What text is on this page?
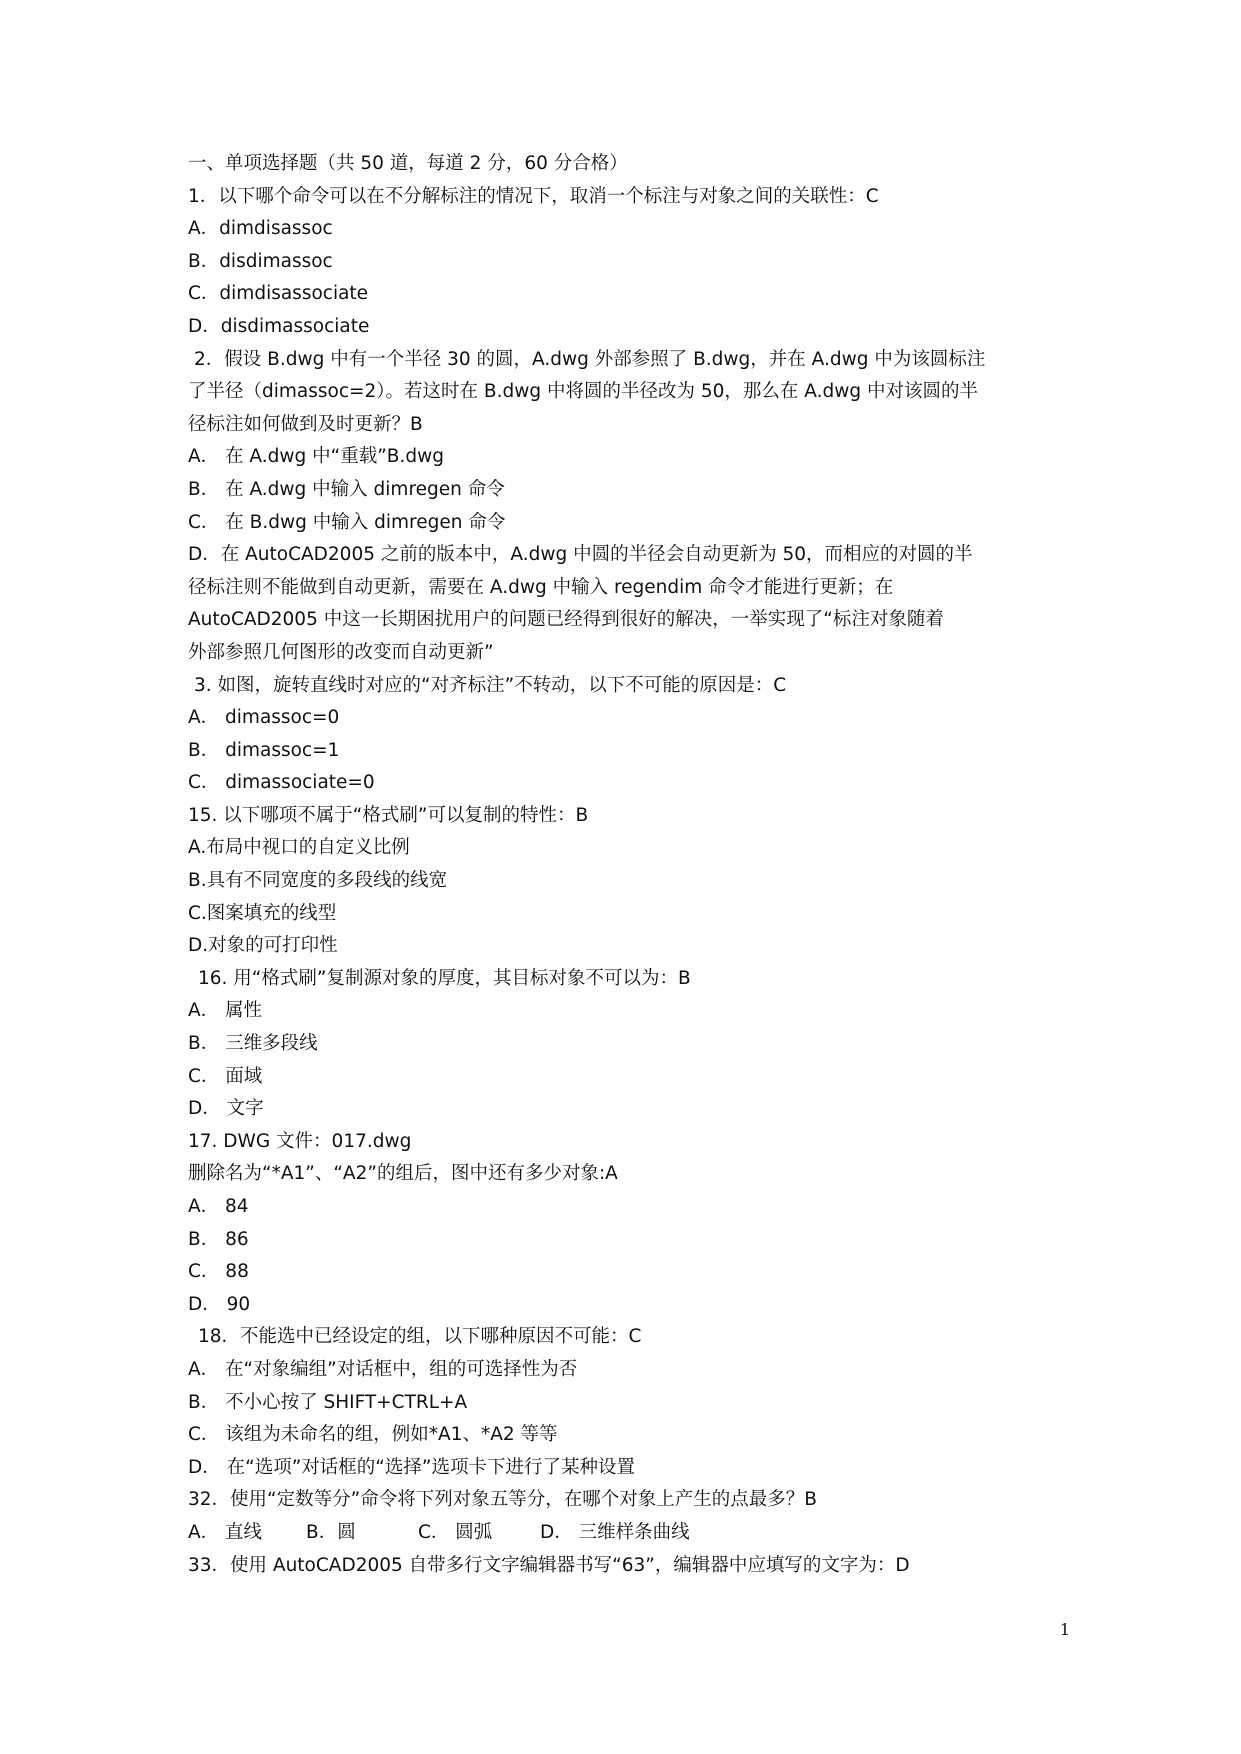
一、单项选择题（共 50 道，每道 2 分，60 分合格）
1．以下哪个命令可以在不分解标注的情况下，取消一个标注与对象之间的关联性：C
A．dimdisassoc
B．disdimassoc
C．dimdisassociate
D．disdimassociate
2．假设 B.dwg 中有一个半径 30 的圆，A.dwg 外部参照了 B.dwg，并在 A.dwg 中为该圆标注
了半径（dimassoc=2）。若这时在 B.dwg 中将圆的半径改为 50，那么在 A.dwg 中对该圆的半
径标注如何做到及时更新？B
A． 在 A.dwg 中“重载”B.dwg
B． 在 A.dwg 中输入 dimregen 命令
C． 在 B.dwg 中输入 dimregen 命令
D．在 AutoCAD2005 之前的版本中，A.dwg 中圆的半径会自动更新为 50，而相应的对圆的半
径标注则不能做到自动更新，需要在 A.dwg 中输入 regendim 命令才能进行更新；在
AutoCAD2005 中这一长期困扰用户的问题已经得到很好的解决，一举实现了“标注对象随着
外部参照几何图形的改变而自动更新”
3. 如图，旋转直线时对应的“对齐标注”不转动，以下不可能的原因是：C
A． dimassoc=0
B． dimassoc=1
C． dimassociate=0
15. 以下哪项不属于“格式刷”可以复制的特性：B
A.布局中视口的自定义比例
B.具有不同宽度的多段线的线宽
C.图案填充的线型
D.对象的可打印性
16. 用“格式刷”复制源对象的厚度，其目标对象不可以为：B
A． 属性
B． 三维多段线
C． 面域
D． 文字
17. DWG 文件：017.dwg
删除名为“*A1”、“A2”的组后，图中还有多少对象:A
A． 84
B． 86
C． 88
D． 90
18．不能选中已经设定的组，以下哪种原因不可能：C
A． 在“对象编组”对话框中，组的可选择性为否
B． 不小心按了 SHIFT+CTRL+A
C． 该组为未命名的组，例如*A1、*A2 等等
D． 在“选项”对话框的“选择”选项卡下进行了某种设置
32．使用“定数等分”命令将下列对象五等分，在哪个对象上产生的点最多？B
A． 直线 B．圆	C． 圆弧	D． 三维样条曲线
33．使用 AutoCAD2005 自带多行文字编辑器书写“63”，编辑器中应填写的文字为：D
1
